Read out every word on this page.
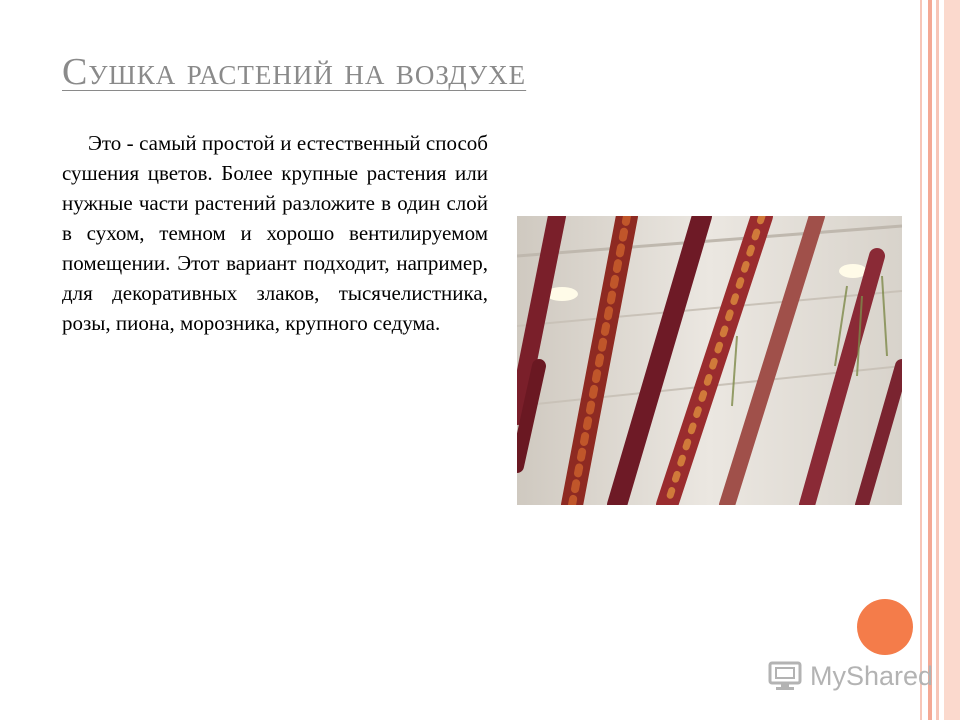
Сушка растений на воздухе
Это - самый простой и естественный способ сушения цветов. Более крупные растения или нужные части растений разложите в один слой в сухом, темном и хорошо вентилируемом помещении. Этот вариант подходит, например, для декоративных злаков, тысячелистника, розы, пиона, морозника, крупного седума.
MyShared
